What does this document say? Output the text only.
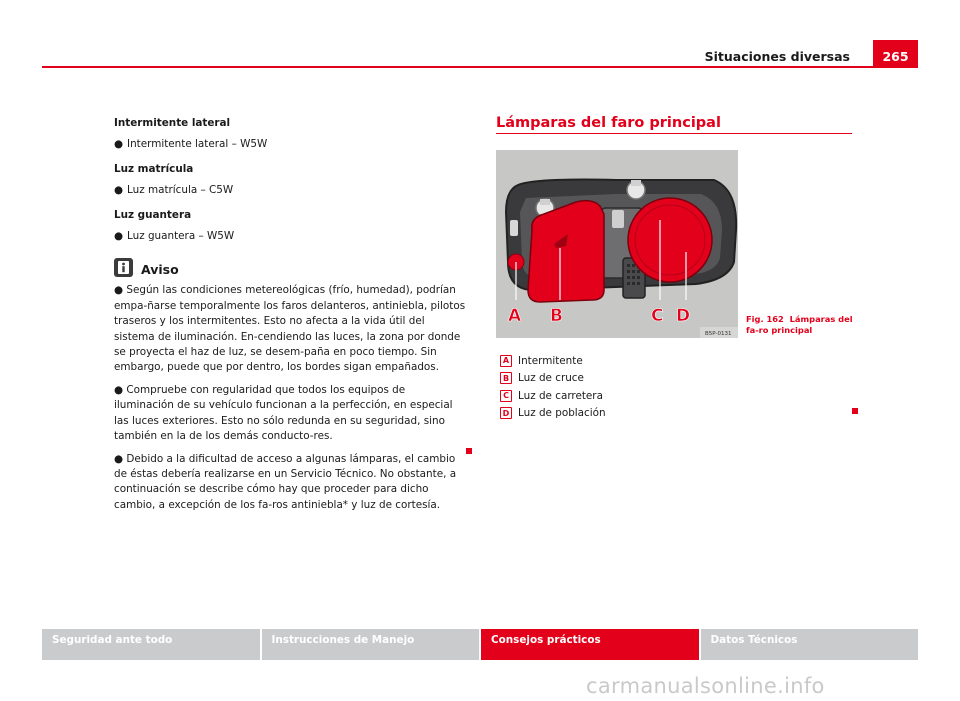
Situaciones diversas	265
Intermitente lateral
● Intermitente lateral – W5W
Luz matrícula
● Luz matrícula – C5W
Luz guantera
● Luz guantera – W5W
Aviso
● Según las condiciones metereológicas (frío, humedad), podrían empa-ñarse temporalmente los faros delanteros, antiniebla, pilotos traseros y los intermitentes. Esto no afecta a la vida útil del sistema de iluminación. En-cendiendo las luces, la zona por donde se proyecta el haz de luz, se desem-paña en poco tiempo. Sin embargo, puede que por dentro, los bordes sigan empañados.
● Compruebe con regularidad que todos los equipos de iluminación de su vehículo funcionan a la perfección, en especial las luces exteriores. Esto no sólo redunda en su seguridad, sino también en la de los demás conducto-res.
● Debido a la dificultad de acceso a algunas lámparas, el cambio de éstas debería realizarse en un Servicio Técnico. No obstante, a continuación se describe cómo hay que proceder para dicho cambio, a excepción de los fa-ros antiniebla* y luz de cortesía.
Lámparas del faro principal
A B	C D
B5P-0131
Fig. 162 Lámparas del fa-ro principal
A Intermitente
B Luz de cruce
C Luz de carretera
D Luz de población
Seguridad ante todo	Instrucciones de Manejo	Consejos prácticos	Datos Técnicos
carmanualsonline.info
